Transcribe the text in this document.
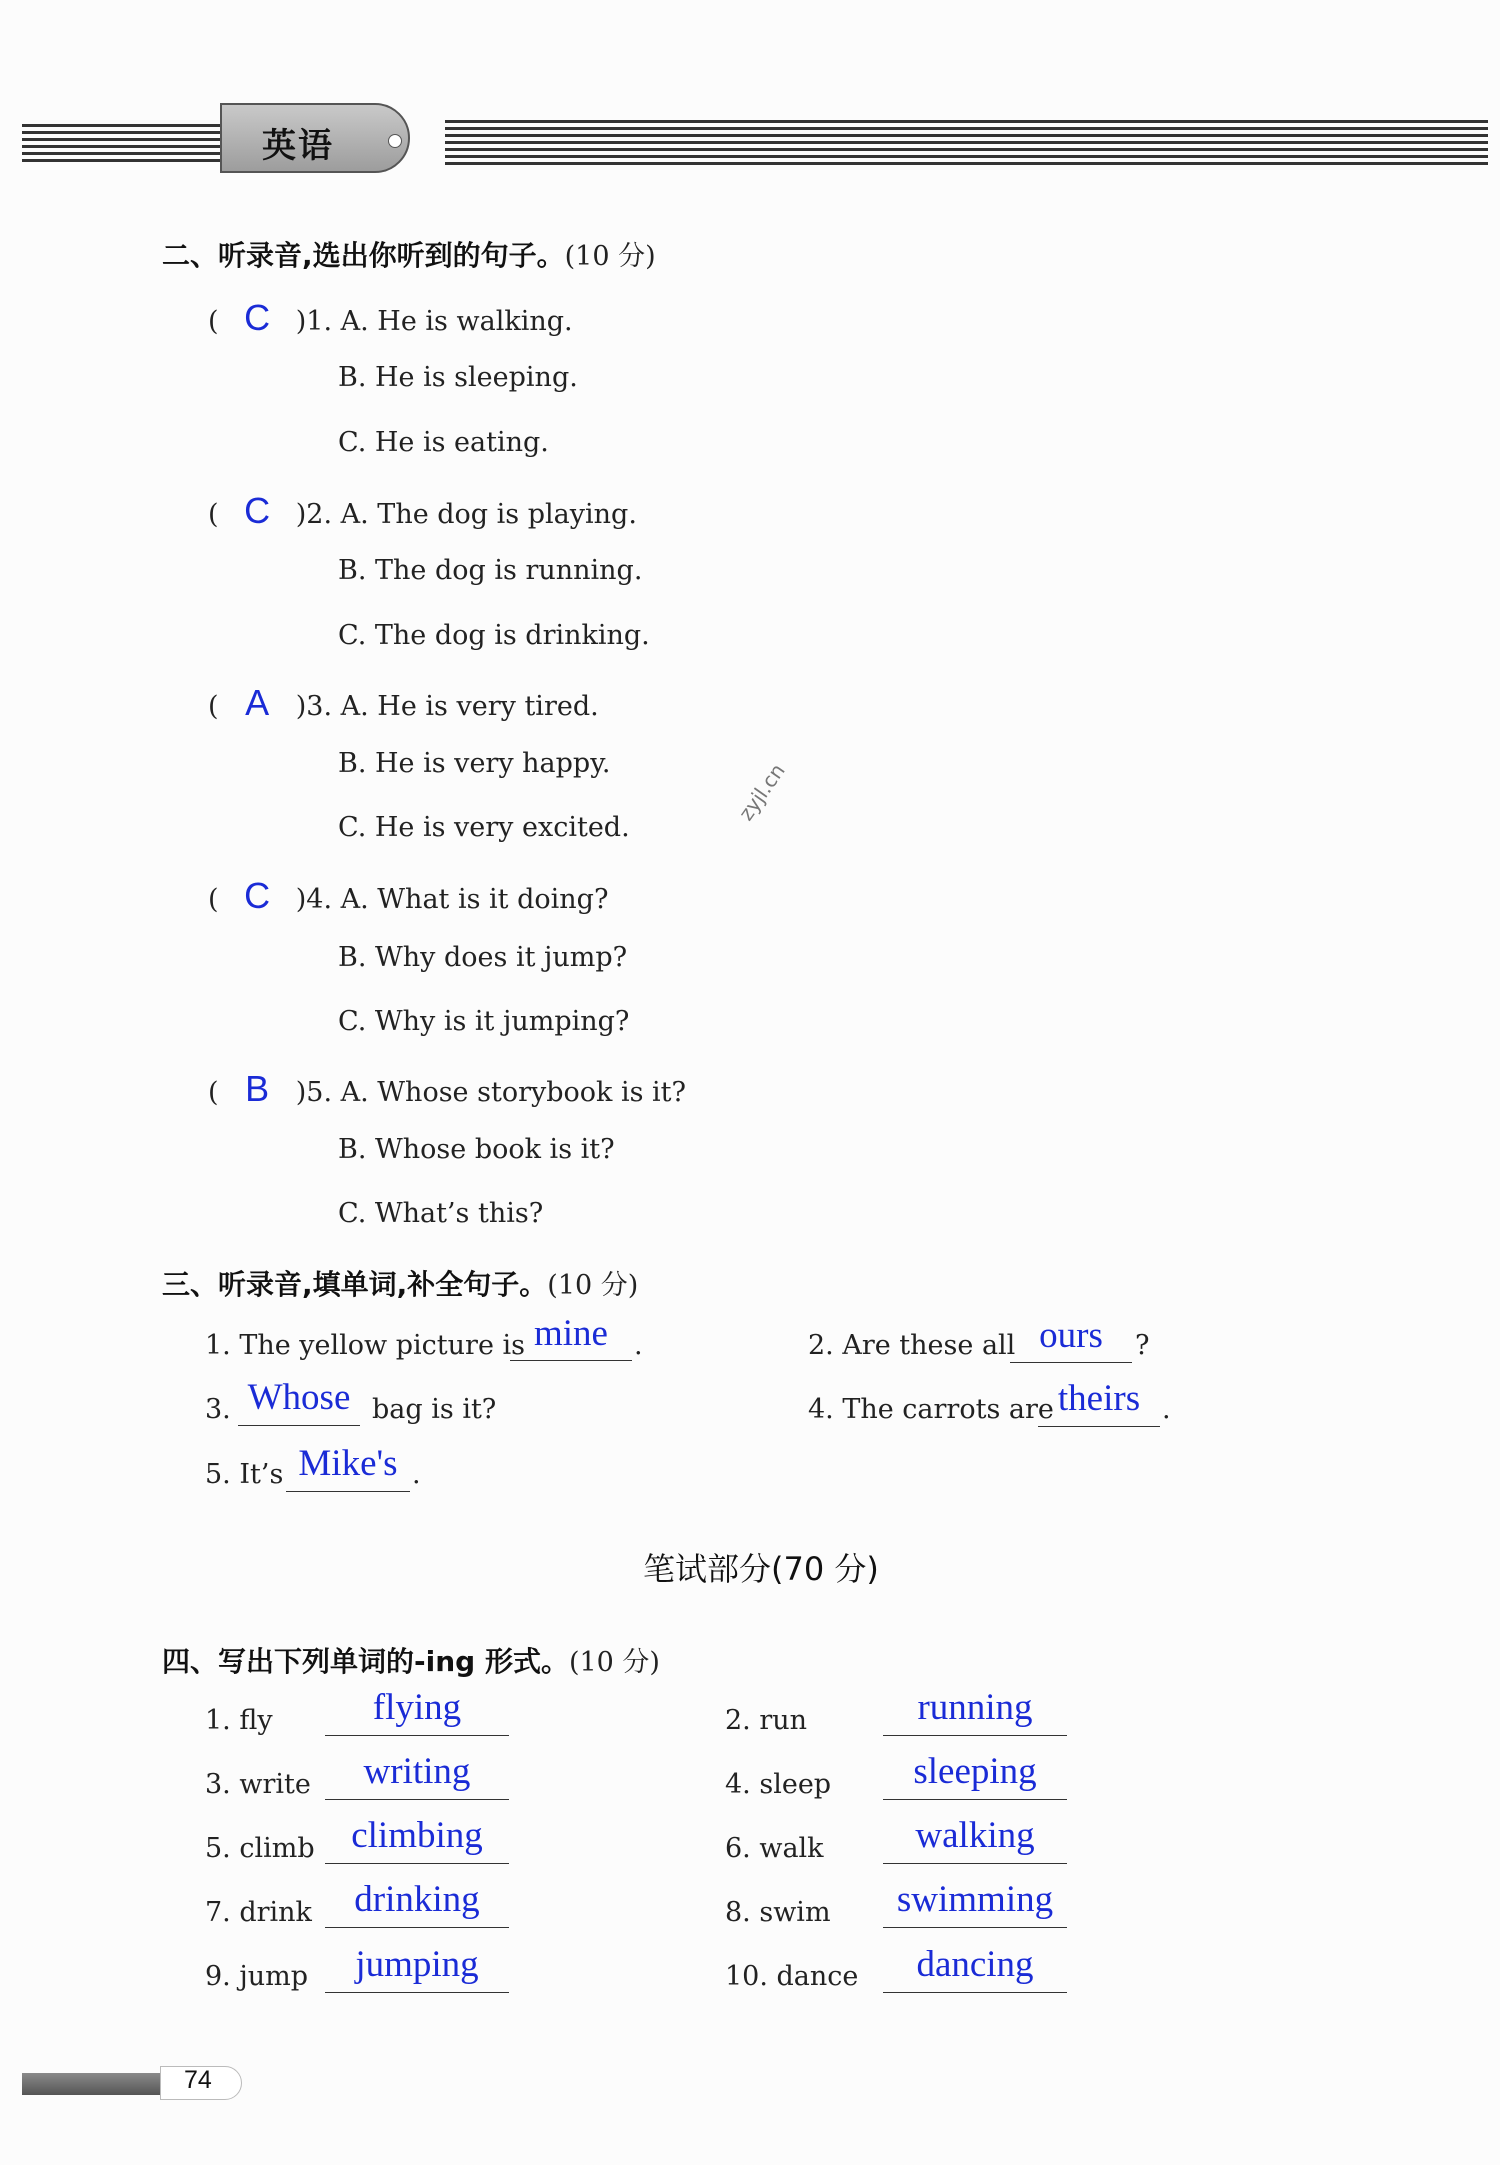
英语
二、听录音,选出你听到的句子。(10 分)
( C )1. A. He is walking.
B. He is sleeping.
C. He is eating.
( C )2. A. The dog is playing.
B. The dog is running.
C. The dog is drinking.
( A )3. A. He is very tired.
B. He is very happy.
C. He is very excited.
( C )4. A. What is it doing?
B. Why does it jump?
C. Why is it jumping?
( B )5. A. Whose storybook is it?
B. Whose book is it?
C. What’s this?
zyjl.cn
三、听录音,填单词,补全句子。(10 分)
1. The yellow picture is mine .	2. Are these all ours	?
3. Whose bag is it?	4. The carrots are theirs .
5. It’s Mike's .
笔试部分(70 分)
四、写出下列单词的-ing 形式。(10 分)
1. fly	flying	2. run	running
3. write	writing	4. sleep	sleeping
5. climb climbing	6. walk	walking
7. drink	drinking	8. swim	swimming
9. jump	jumping	10. dance	dancing
74
